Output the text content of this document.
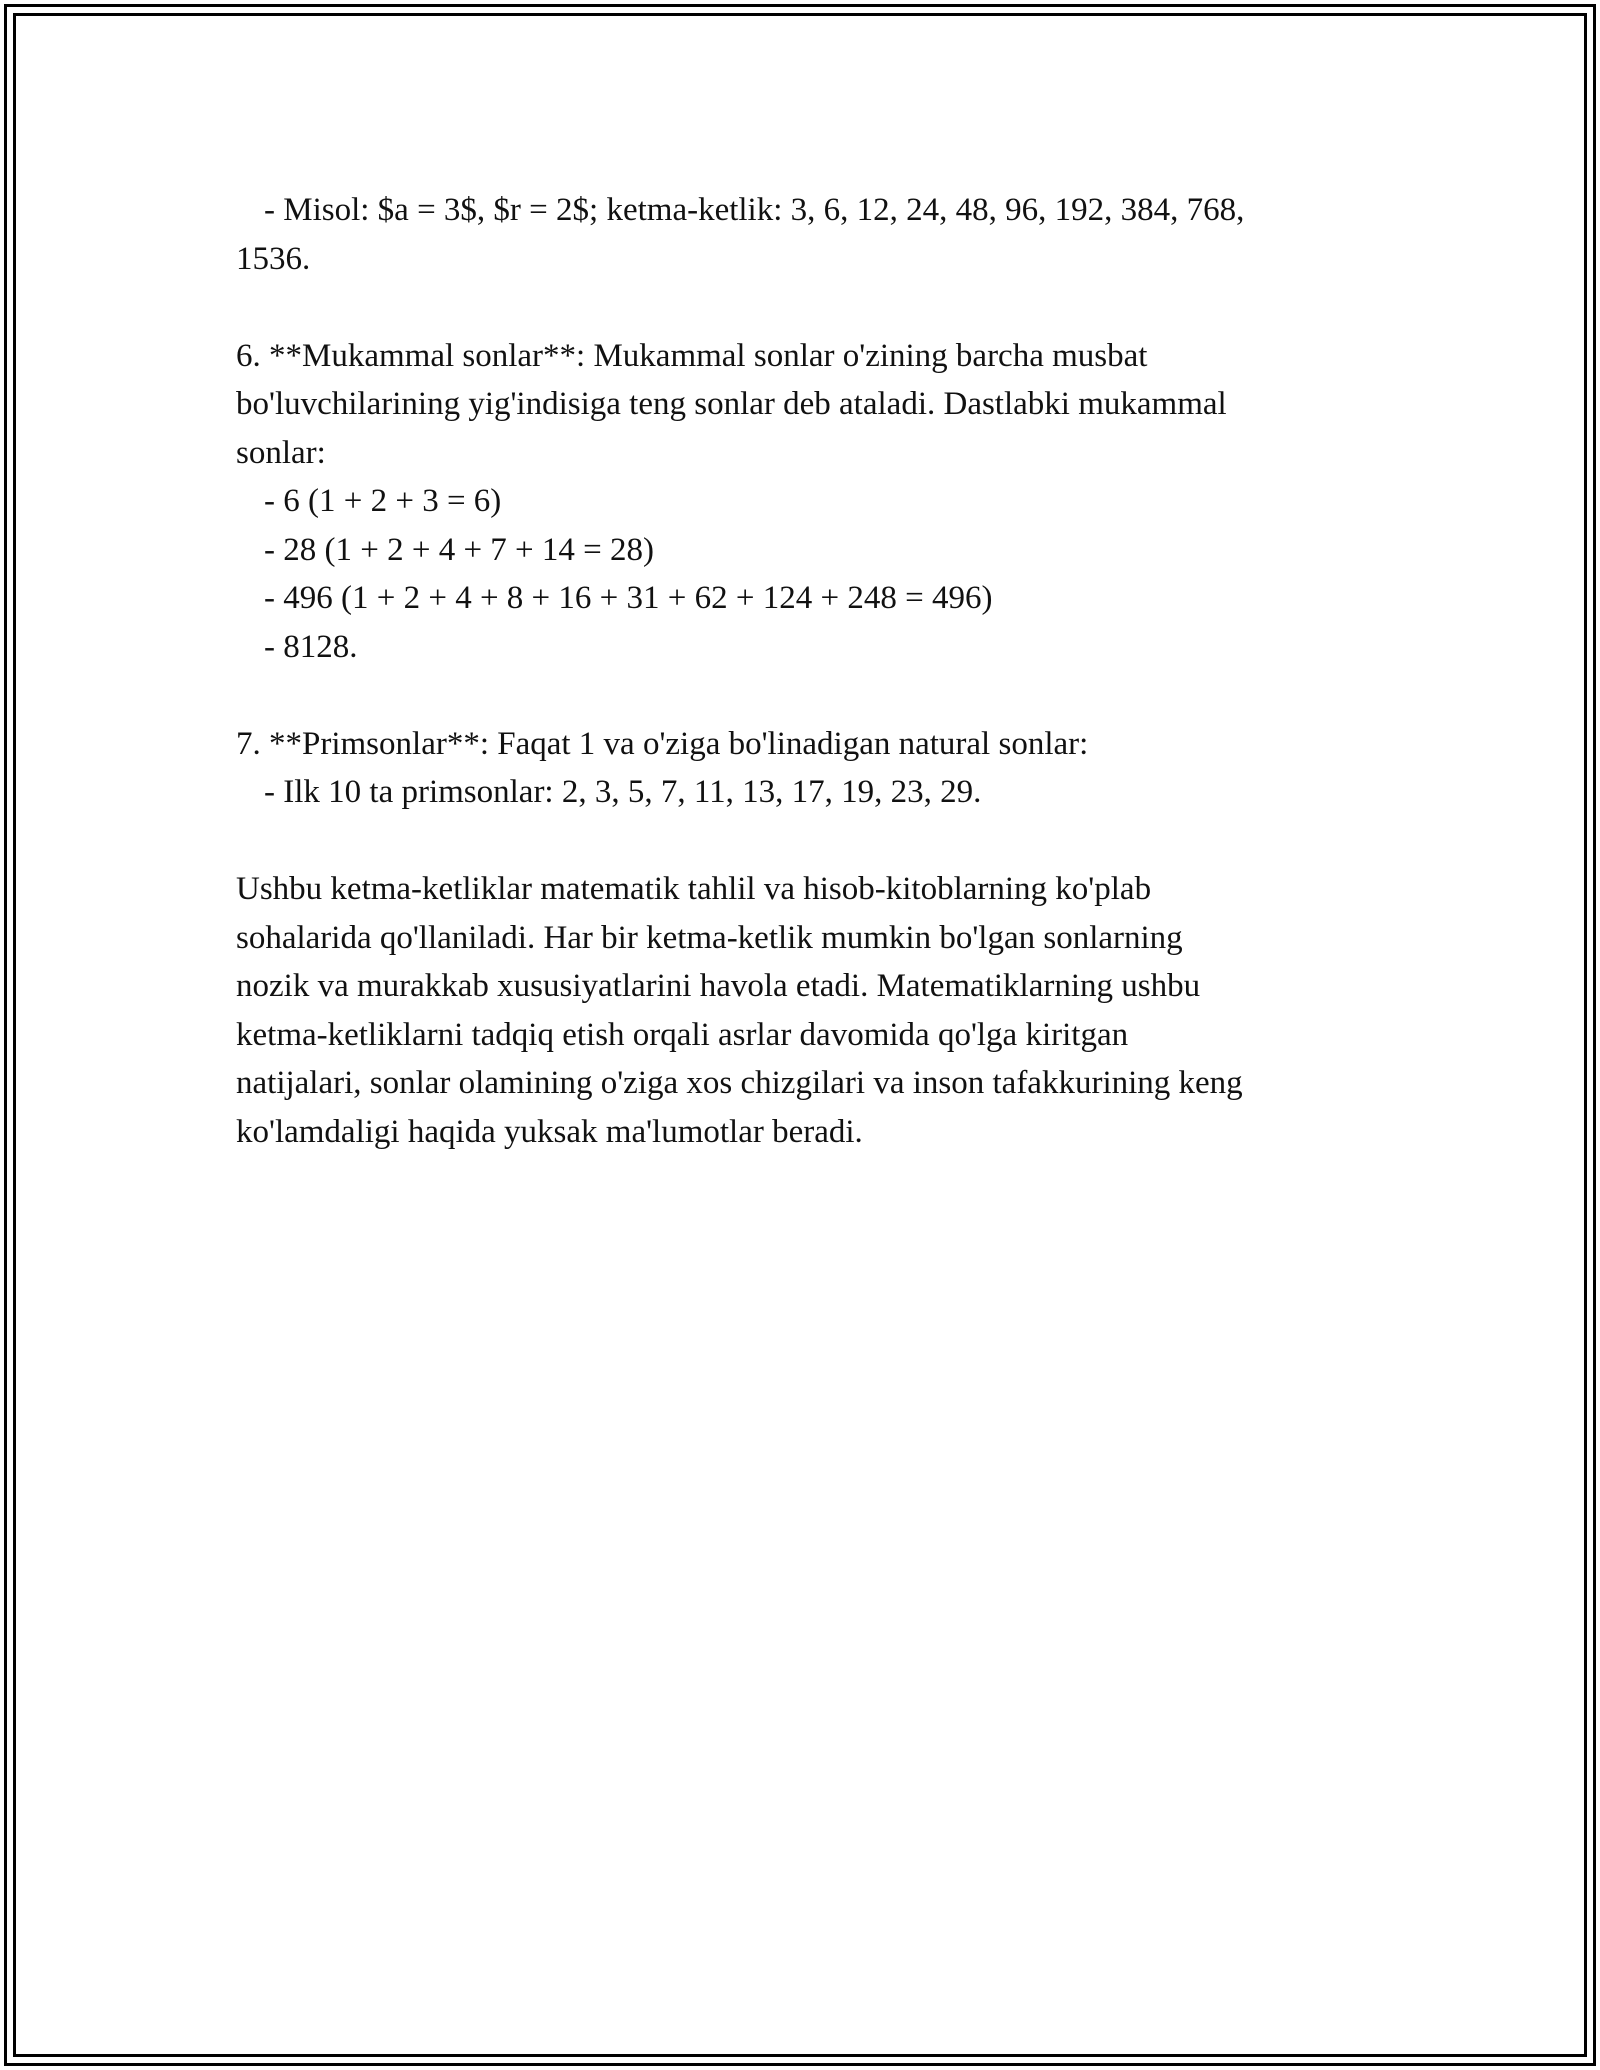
- Misol: $a = 3$, $r = 2$; ketma-ketlik: 3, 6, 12, 24, 48, 96, 192, 384, 768,
1536.
6. **Mukammal sonlar**: Mukammal sonlar o'zining barcha musbat
bo'luvchilarining yig'indisiga teng sonlar deb ataladi. Dastlabki mukammal
sonlar:
- 6 (1 + 2 + 3 = 6)
- 28 (1 + 2 + 4 + 7 + 14 = 28)
- 496 (1 + 2 + 4 + 8 + 16 + 31 + 62 + 124 + 248 = 496)
- 8128.
7. **Primsonlar**: Faqat 1 va o'ziga bo'linadigan natural sonlar:
- Ilk 10 ta primsonlar: 2, 3, 5, 7, 11, 13, 17, 19, 23, 29.
Ushbu ketma-ketliklar matematik tahlil va hisob-kitoblarning ko'plab
sohalarida qo'llaniladi. Har bir ketma-ketlik mumkin bo'lgan sonlarning
nozik va murakkab xususiyatlarini havola etadi. Matematiklarning ushbu
ketma-ketliklarni tadqiq etish orqali asrlar davomida qo'lga kiritgan
natijalari, sonlar olamining o'ziga xos chizgilari va inson tafakkurining keng
ko'lamdaligi haqida yuksak ma'lumotlar beradi.
